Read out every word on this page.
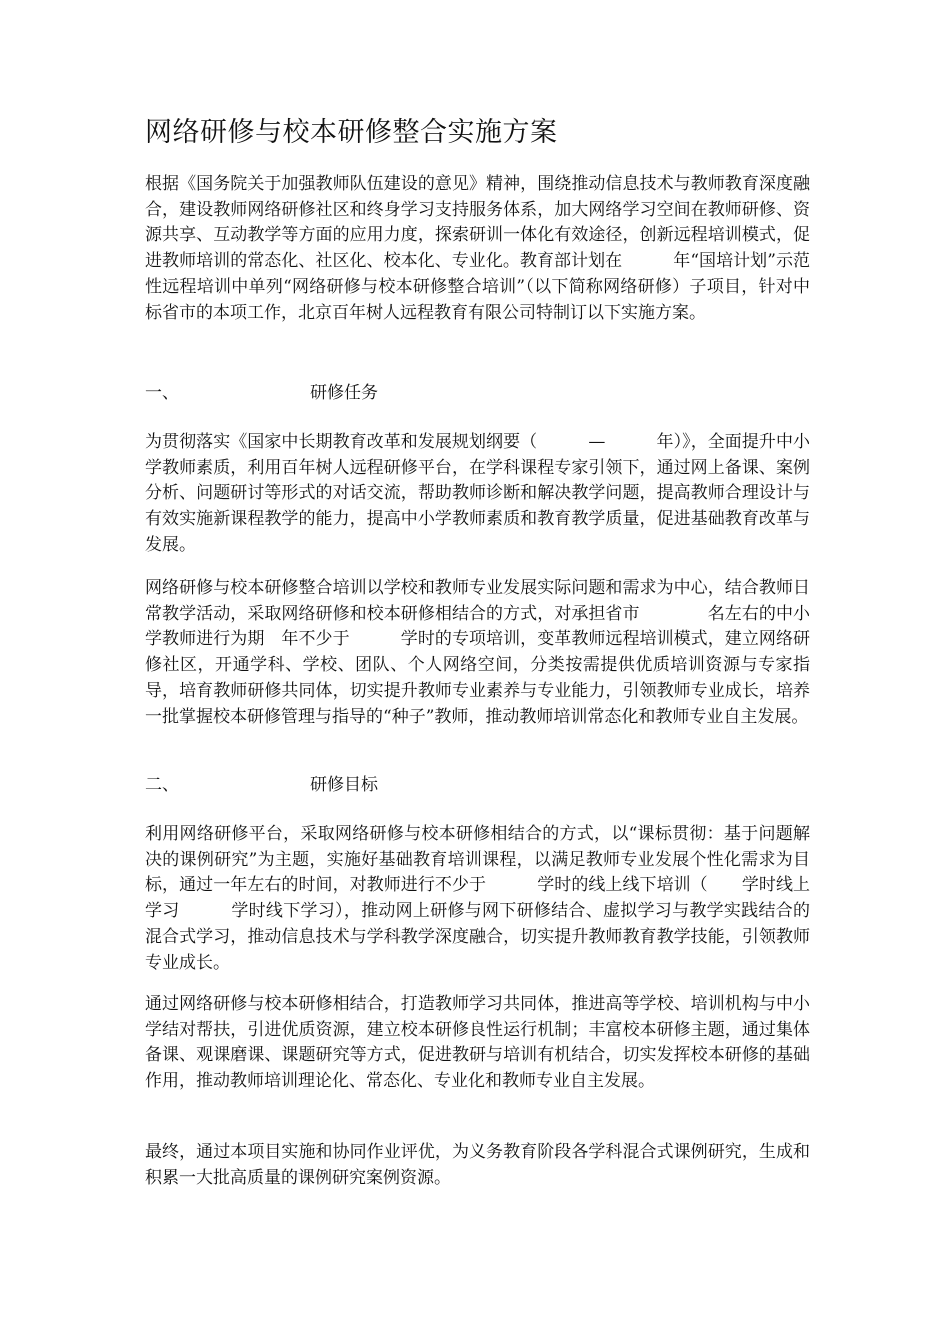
网络研修与校本研修整合实施方案

根据《国务院关于加强教师队伍建设的意见》精神，围绕推动信息技术与教师教育深度融合，建设教师网络研修社区和终身学习支持服务体系，加大网络学习空间在教师研修、资源共享、互动教学等方面的应用力度，探索研训一体化有效途径，创新远程培训模式，促进教师培训的常态化、社区化、校本化、专业化。教育部计划在　　　年“国培计划”示范性远程培训中单列“网络研修与校本研修整合培训”（以下简称网络研修）子项目，针对中标省市的本项工作，北京百年树人远程教育有限公司特制订以下实施方案。

一、	研修任务

为贯彻落实《国家中长期教育改革和发展规划纲要（　　　—　　　年）》，全面提升中小学教师素质，利用百年树人远程研修平台，在学科课程专家引领下，通过网上备课、案例分析、问题研讨等形式的对话交流，帮助教师诊断和解决教学问题，提高教师合理设计与有效实施新课程教学的能力，提高中小学教师素质和教育教学质量，促进基础教育改革与发展。

网络研修与校本研修整合培训以学校和教师专业发展实际问题和需求为中心，结合教师日常教学活动，采取网络研修和校本研修相结合的方式，对承担省市　　　　名左右的中小学教师进行为期　年不少于　　　学时的专项培训，变革教师远程培训模式，建立网络研修社区，开通学科、学校、团队、个人网络空间，分类按需提供优质培训资源与专家指导，培育教师研修共同体，切实提升教师专业素养与专业能力，引领教师专业成长，培养一批掌握校本研修管理与指导的“种子”教师，推动教师培训常态化和教师专业自主发展。

二、	研修目标

利用网络研修平台，采取网络研修与校本研修相结合的方式，以“课标贯彻：基于问题解决的课例研究”为主题，实施好基础教育培训课程，以满足教师专业发展个性化需求为目标，通过一年左右的时间，对教师进行不少于　　　学时的线上线下培训（　　学时线上学习　　　学时线下学习），推动网上研修与网下研修结合、虚拟学习与教学实践结合的混合式学习，推动信息技术与学科教学深度融合，切实提升教师教育教学技能，引领教师专业成长。

通过网络研修与校本研修相结合，打造教师学习共同体，推进高等学校、培训机构与中小学结对帮扶，引进优质资源，建立校本研修良性运行机制；丰富校本研修主题，通过集体备课、观课磨课、课题研究等方式，促进教研与培训有机结合，切实发挥校本研修的基础作用，推动教师培训理论化、常态化、专业化和教师专业自主发展。

最终，通过本项目实施和协同作业评优，为义务教育阶段各学科混合式课例研究，生成和积累一大批高质量的课例研究案例资源。
